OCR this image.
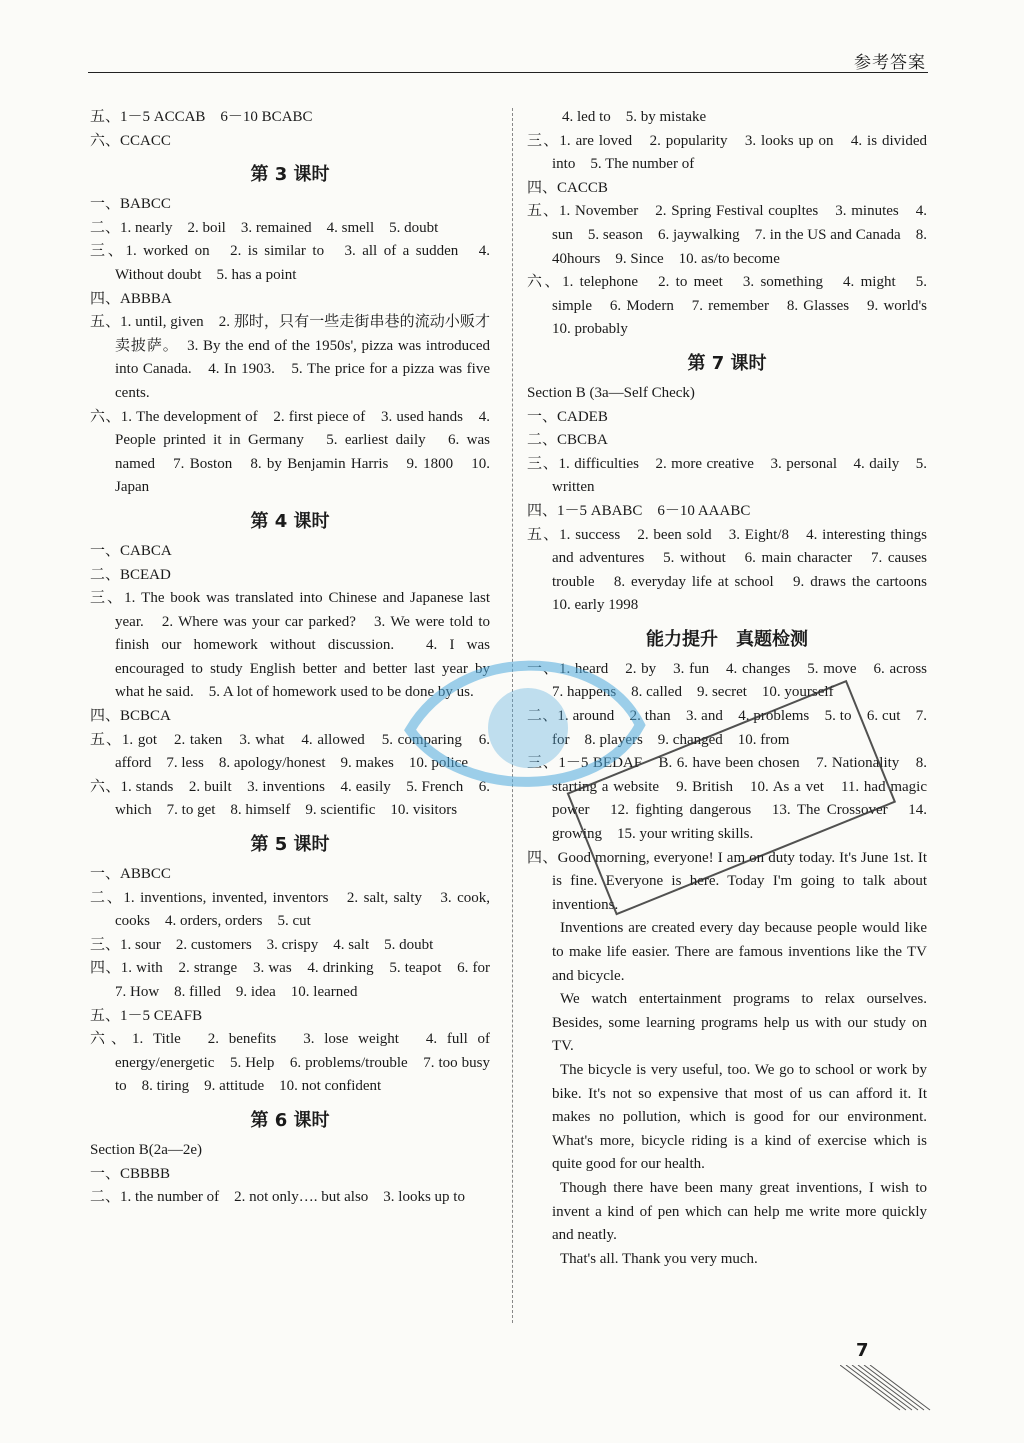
参考答案

五、1－5 ACCAB　6－10 BCABC

六、CCACC

第 3 课时

一、BABCC

二、1. nearly　2. boil　3. remained　4. smell　5. doubt

三、1. worked on　2. is similar to　3. all of a sudden　4. Without doubt　5. has a point

四、ABBBA

五、1. until, given　2. 那时，只有一些走街串巷的流动小贩才卖披萨。　3. By the end of the 1950s', pizza was introduced into Canada.　4. In 1903.　5. The price for a pizza was five cents.

六、1. The development of　2. first piece of　3. used hands　4. People printed it in Germany　5. earliest daily　6. was named　7. Boston　8. by Benjamin Harris　9. 1800　10. Japan

第 4 课时

一、CABCA

二、BCEAD

三、1. The book was translated into Chinese and Japanese last year.　2. Where was your car parked?　3. We were told to finish our homework without discussion.　4. I was encouraged to study English better and better last year by what he said.　5. A lot of homework used to be done by us.

四、BCBCA

五、1. got　2. taken　3. what　4. allowed　5. comparing　6. afford　7. less　8. apology/honest　9. makes　10. police

六、1. stands　2. built　3. inventions　4. easily　5. French　6. which　7. to get　8. himself　9. scientific　10. visitors

第 5 课时

一、ABBCC

二、1. inventions, invented, inventors　2. salt, salty　3. cook, cooks　4. orders, orders　5. cut

三、1. sour　2. customers　3. crispy　4. salt　5. doubt

四、1. with　2. strange　3. was　4. drinking　5. teapot　6. for　7. How　8. filled　9. idea　10. learned

五、1－5 CEAFB

六、1. Title　2. benefits　3. lose weight　4. full of energy/energetic　5. Help　6. problems/trouble　7. too busy to　8. tiring　9. attitude　10. not confident

第 6 课时

Section B(2a—2e)

一、CBBBB

二、1. the number of　2. not only…. but also　3. looks up to

4. led to　5. by mistake

三、1. are loved　2. popularity　3. looks up on　4. is divided into　5. The number of

四、CACCB

五、1. November　2. Spring Festival coupltes　3. minutes　4. sun　5. season　6. jaywalking　7. in the US and Canada　8. 40hours　9. Since　10. as/to become

六、1. telephone　2. to meet　3. something　4. might　5. simple　6. Modern　7. remember　8. Glasses　9. world's　10. probably

第 7 课时

Section B (3a—Self Check)

一、CADEB

二、CBCBA

三、1. difficulties　2. more creative　3. personal　4. daily　5. written

四、1－5 ABABC　6－10 AAABC

五、1. success　2. been sold　3. Eight/8　4. interesting things and adventures　5. without　6. main character　7. causes trouble　8. everyday life at school　9. draws the cartoons　10. early 1998

能力提升　真题检测

一、1. heard　2. by　3. fun　4. changes　5. move　6. across　7. happens　8. called　9. secret　10. yourself

二、1. around　2. than　3. and　4. problems　5. to　6. cut　7. for　8. players　9. changed　10. from

三、1－5 BEDAF　B. 6. have been chosen　7. Nationality　8. starting a website　9. British　10. As a vet　11. had magic power　12. fighting dangerous　13. The Crossover　14. growing　15. your writing skills.

四、Good morning, everyone! I am on duty today. It's June 1st. It is fine. Everyone is here. Today I'm going to talk about inventions.

Inventions are created every day because people would like to make life easier. There are famous inventions like the TV and bicycle.

We watch entertainment programs to relax ourselves. Besides, some learning programs help us with our study on TV.

The bicycle is very useful, too. We go to school or work by bike. It's not so expensive that most of us can afford it. It makes no pollution, which is good for our environment. What's more, bicycle riding is a kind of exercise which is quite good for our health.

Though there have been many great inventions, I wish to invent a kind of pen which can help me write more quickly and neatly.

That's all. Thank you very much.

7
